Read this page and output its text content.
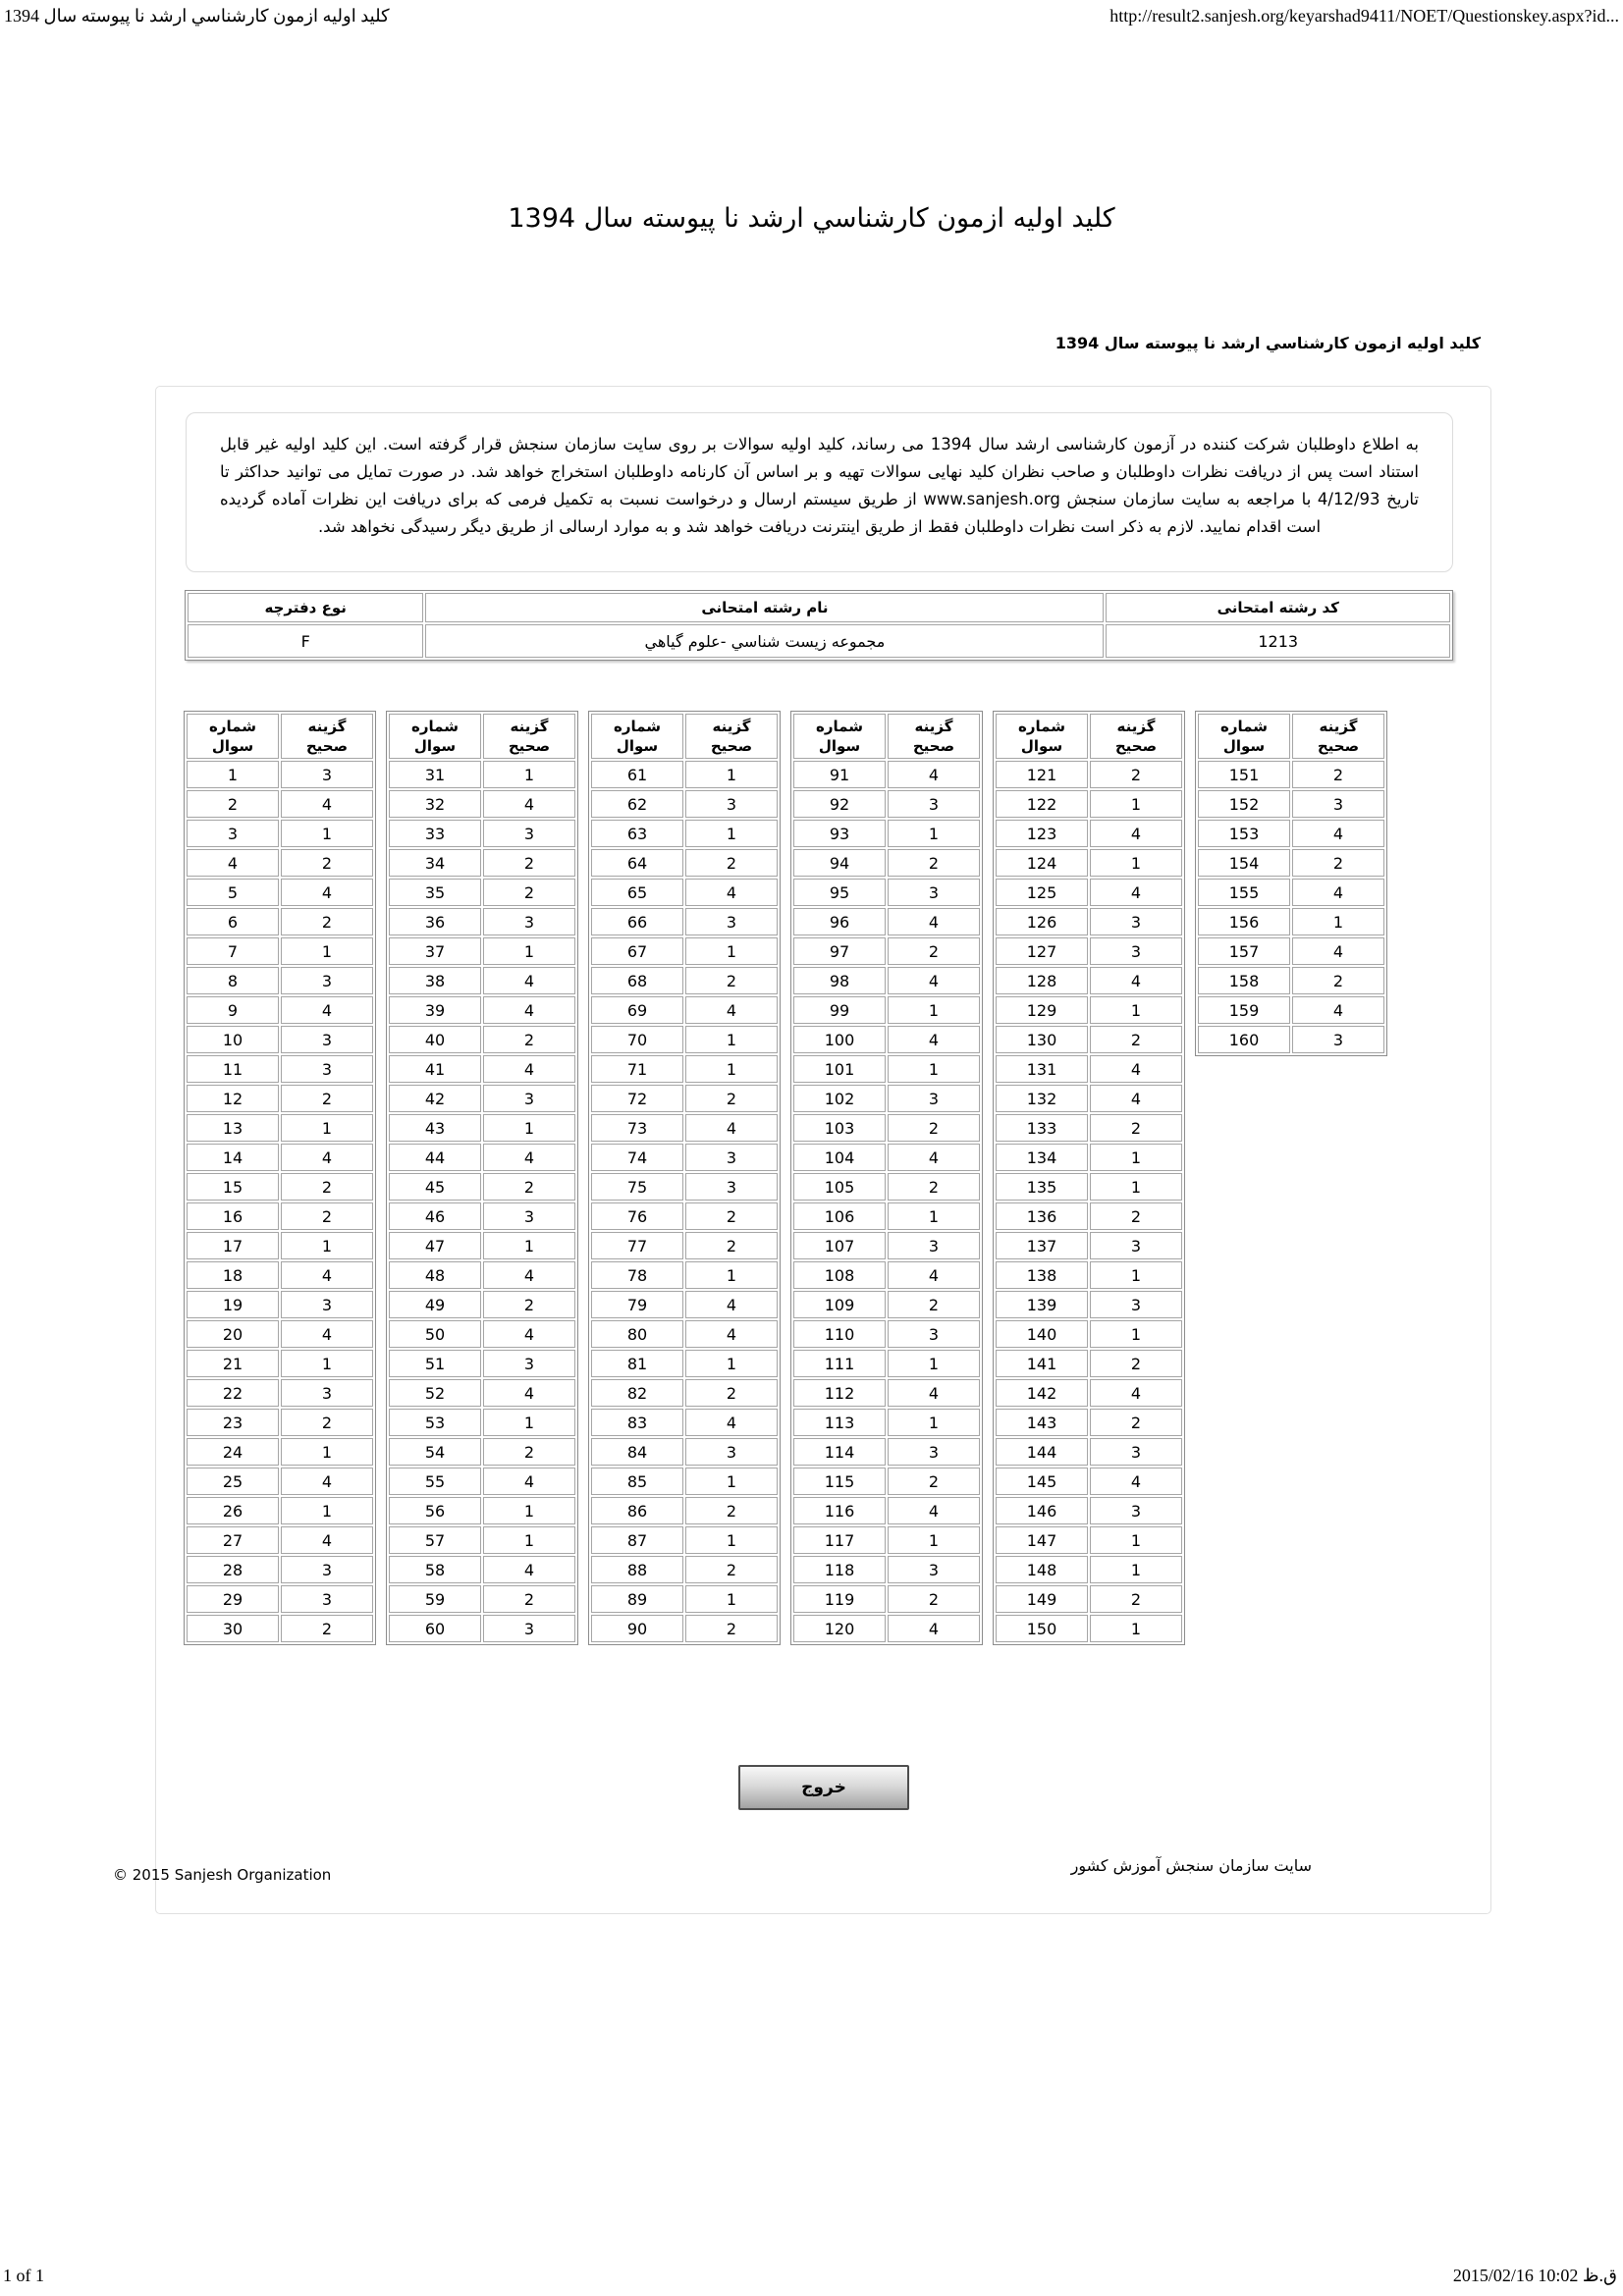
کلید اولیه ازمون کارشناسي ارشد نا پیوسته سال 1394	http://result2.sanjesh.org/keyarshad9411/NOET/Questionskey.aspx?id...
کلید اولیه ازمون کارشناسي ارشد نا پیوسته سال 1394
کلید اولیه ازمون کارشناسي ارشد نا پیوسته سال 1394
به اطلاع داوطلبان شرکت کننده در آزمون کارشناسی ارشد سال 1394 می رساند، کلید اولیه سوالات بر روی سایت سازمان سنجش قرار گرفته است. این کلید اولیه غیر قابل استناد است پس از دریافت نظرات داوطلبان و صاحب نظران کلید نهایی سوالات تهیه و بر اساس آن کارنامه داوطلبان استخراج خواهد شد. در صورت تمایل می توانید حداکثر تا تاریخ 4/12/93 با مراجعه به سایت سازمان سنجش www.sanjesh.org از طریق سیستم ارسال و درخواست نسبت به تکمیل فرمی که برای دریافت این نظرات آماده گردیده است اقدام نمایید. لازم به ذکر است نظرات داوطلبان فقط از طریق اینترنت دریافت خواهد شد و به موارد ارسالی از طریق دیگر رسیدگی نخواهد شد.
کد رشته امتحانی	نام رشته امتحانی	نوع دفترچه
1213	مجموعه زیست شناسي -علوم گیاهي	F
شماره سوال	گزینه صحیح
1	3
2	4
3	1
4	2
5	4
6	2
7	1
8	3
9	4
10	3
11	3
12	2
13	1
14	4
15	2
16	2
17	1
18	4
19	3
20	4
21	1
22	3
23	2
24	1
25	4
26	1
27	4
28	3
29	3
30	2
شماره سوال	گزینه صحیح
31	1
32	4
33	3
34	2
35	2
36	3
37	1
38	4
39	4
40	2
41	4
42	3
43	1
44	4
45	2
46	3
47	1
48	4
49	2
50	4
51	3
52	4
53	1
54	2
55	4
56	1
57	1
58	4
59	2
60	3
شماره سوال	گزینه صحیح
61	1
62	3
63	1
64	2
65	4
66	3
67	1
68	2
69	4
70	1
71	1
72	2
73	4
74	3
75	3
76	2
77	2
78	1
79	4
80	4
81	1
82	2
83	4
84	3
85	1
86	2
87	1
88	2
89	1
90	2
شماره سوال	گزینه صحیح
91	4
92	3
93	1
94	2
95	3
96	4
97	2
98	4
99	1
100	4
101	1
102	3
103	2
104	4
105	2
106	1
107	3
108	4
109	2
110	3
111	1
112	4
113	1
114	3
115	2
116	4
117	1
118	3
119	2
120	4
شماره سوال	گزینه صحیح
121	2
122	1
123	4
124	1
125	4
126	3
127	3
128	4
129	1
130	2
131	4
132	4
133	2
134	1
135	1
136	2
137	3
138	1
139	3
140	1
141	2
142	4
143	2
144	3
145	4
146	3
147	1
148	1
149	2
150	1
شماره سوال	گزینه صحیح
151	2
152	3
153	4
154	2
155	4
156	1
157	4
158	2
159	4
160	3
خروج
سایت سازمان سنجش آموزش کشور
© 2015 Sanjesh Organization
1 of 1	2015/02/16 10:02 ق.ظ
